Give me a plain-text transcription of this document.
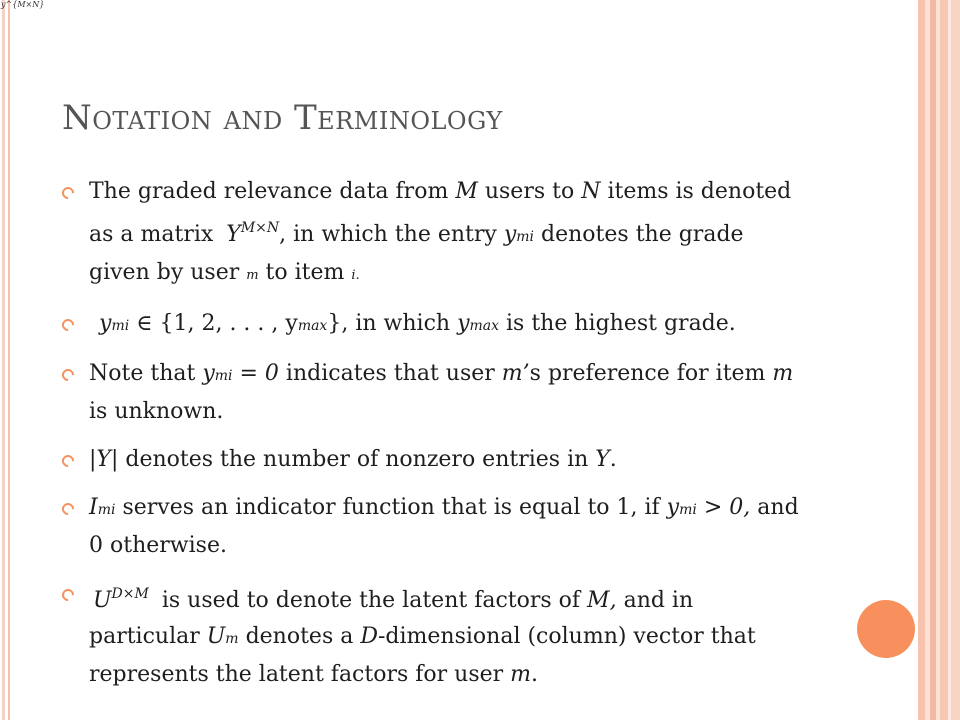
y^{M×N}
Notation and Terminology
The graded relevance data from M users to N items is denoted as a matrix $Y^{M\times N}$, in which the entry ymi denotes the grade given by user m to item i.
ymi ∈ {1, 2, . . . , ymax}, in which ymax is the highest grade.
Note that ymi = 0 indicates that user m’s preference for item m is unknown.
|Y| denotes the number of nonzero entries in Y.
Imi serves an indicator function that is equal to 1, if ymi > 0, and 0 otherwise.
$U^{D\times M}$ is used to denote the latent factors of M, and in particular Um denotes a D-dimensional (column) vector that represents the latent factors for user m.
